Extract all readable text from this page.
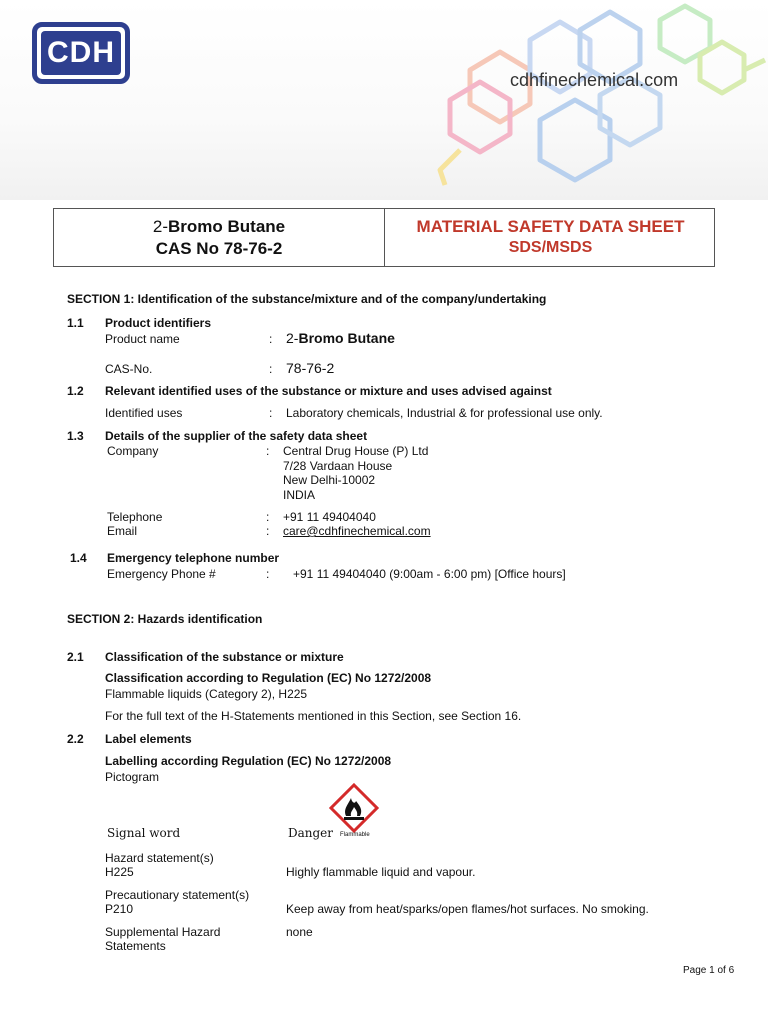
CDH
cdhfinechemical.com
2-Bromo Butane
CAS No 78-76-2
MATERIAL SAFETY DATA SHEET
SDS/MSDS
SECTION 1: Identification of the substance/mixture and of the company/undertaking
1.1 Product identifiers
Product name	: 2-Bromo Butane
CAS-No.	: 78-76-2
1.2 Relevant identified uses of the substance or mixture and uses advised against
Identified uses	: Laboratory chemicals, Industrial & for professional use only.
1.3 Details of the supplier of the safety data sheet
Company	: Central Drug House (P) Ltd
7/28 Vardaan House
New Delhi-10002
INDIA
Telephone	: +91 11 49404040
Email	: care@cdhfinechemical.com
1.4 Emergency telephone number
Emergency Phone #	: +91 11 49404040 (9:00am - 6:00 pm) [Office hours]
SECTION 2: Hazards identification
2.1 Classification of the substance or mixture
Classification according to Regulation (EC) No 1272/2008
Flammable liquids (Category 2), H225
For the full text of the H-Statements mentioned in this Section, see Section 16.
2.2 Label elements
Labelling according Regulation (EC) No 1272/2008
Pictogram
Flammable
Signal word	Danger
Hazard statement(s)
H225	Highly flammable liquid and vapour.
Precautionary statement(s)
P210	Keep away from heat/sparks/open flames/hot surfaces. No smoking.
Supplemental Hazard
Statements
none
Page 1 of 6
